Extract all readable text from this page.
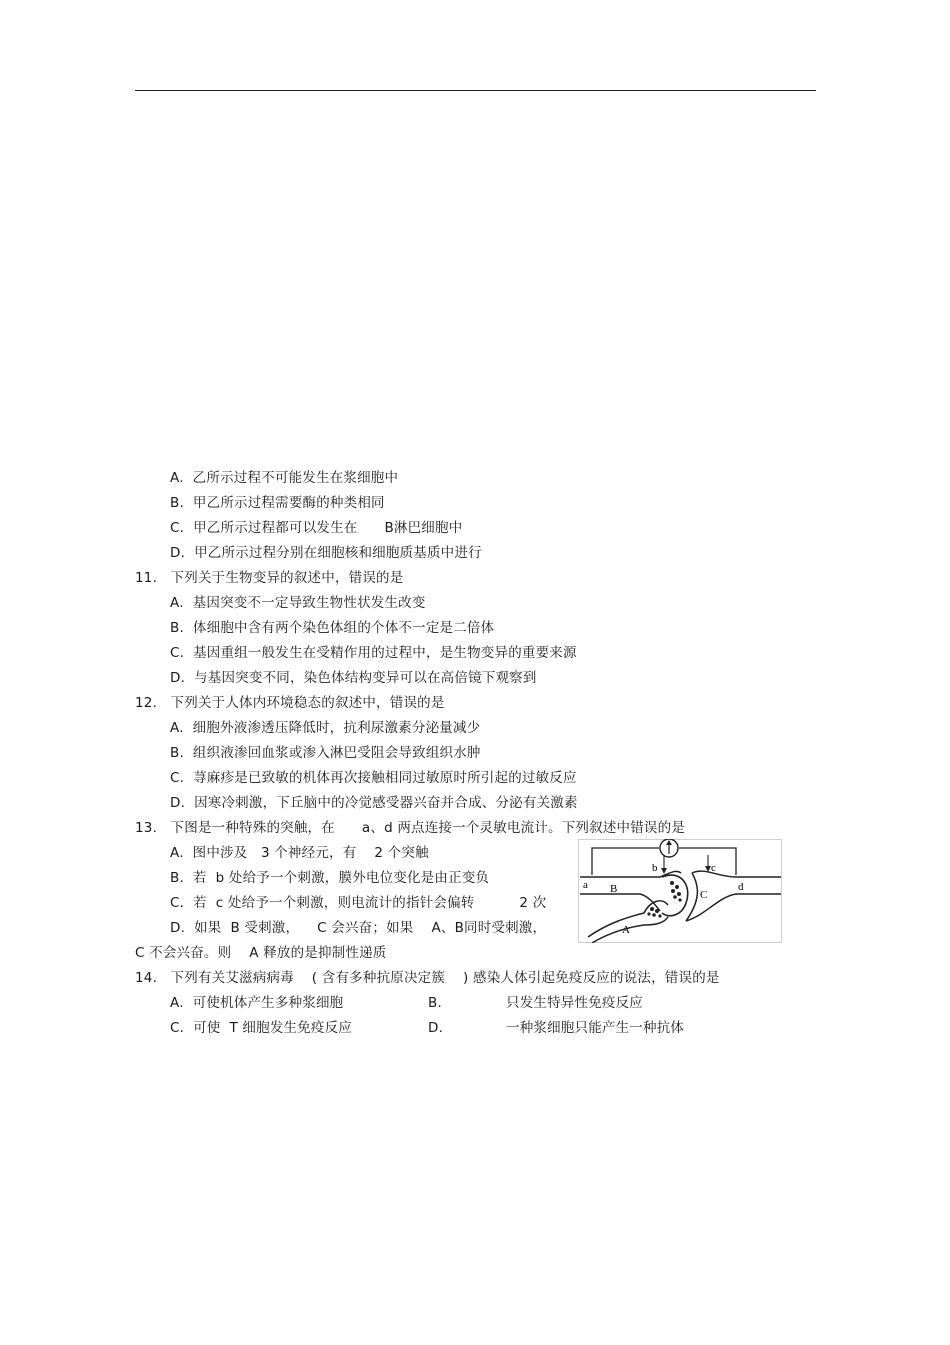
A.  乙所示过程不可能发生在浆细胞中
B.  甲乙所示过程需要酶的种类相同
C.  甲乙所示过程都可以发生在      B淋巴细胞中
D.  甲乙所示过程分别在细胞核和细胞质基质中进行
11.   下列关于生物变异的叙述中，错误的是
A.  基因突变不一定导致生物性状发生改变
B.  体细胞中含有两个染色体组的个体不一定是二倍体
C.  基因重组一般发生在受精作用的过程中，是生物变异的重要来源
D.  与基因突变不同，染色体结构变异可以在高倍镜下观察到
12.   下列关于人体内环境稳态的叙述中，错误的是
A.  细胞外液渗透压降低时，抗利尿激素分泌量减少
B.  组织液渗回血浆或渗入淋巴受阻会导致组织水肿
C.  荨麻疹是已致敏的机体再次接触相同过敏原时所引起的过敏反应
D.  因寒冷刺激，下丘脑中的冷觉感受器兴奋并合成、分泌有关激素
13.   下图是一种特殊的突触，在      a、d 两点连接一个灵敏电流计。下列叙述中错误的是
A.  图中涉及   3 个神经元，有    2 个突触
B.  若  b 处给予一个刺激，膜外电位变化是由正变负
C.  若  c 处给予一个刺激，则电流计的指针会偏转          2 次
D.  如果  B 受刺激，    C 会兴奋；如果    A、B同时受刺激，
C 不会兴奋。则    A 释放的是抑制性递质
a
b	c
d
B	C
A
14.   下列有关艾滋病病毒    ( 含有多种抗原决定簇    ) 感染人体引起免疫反应的说法，错误的是
A.  可使机体产生多种浆细胞	B.	只发生特异性免疫反应
C.  可使  T 细胞发生免疫反应	D.	一种浆细胞只能产生一种抗体
